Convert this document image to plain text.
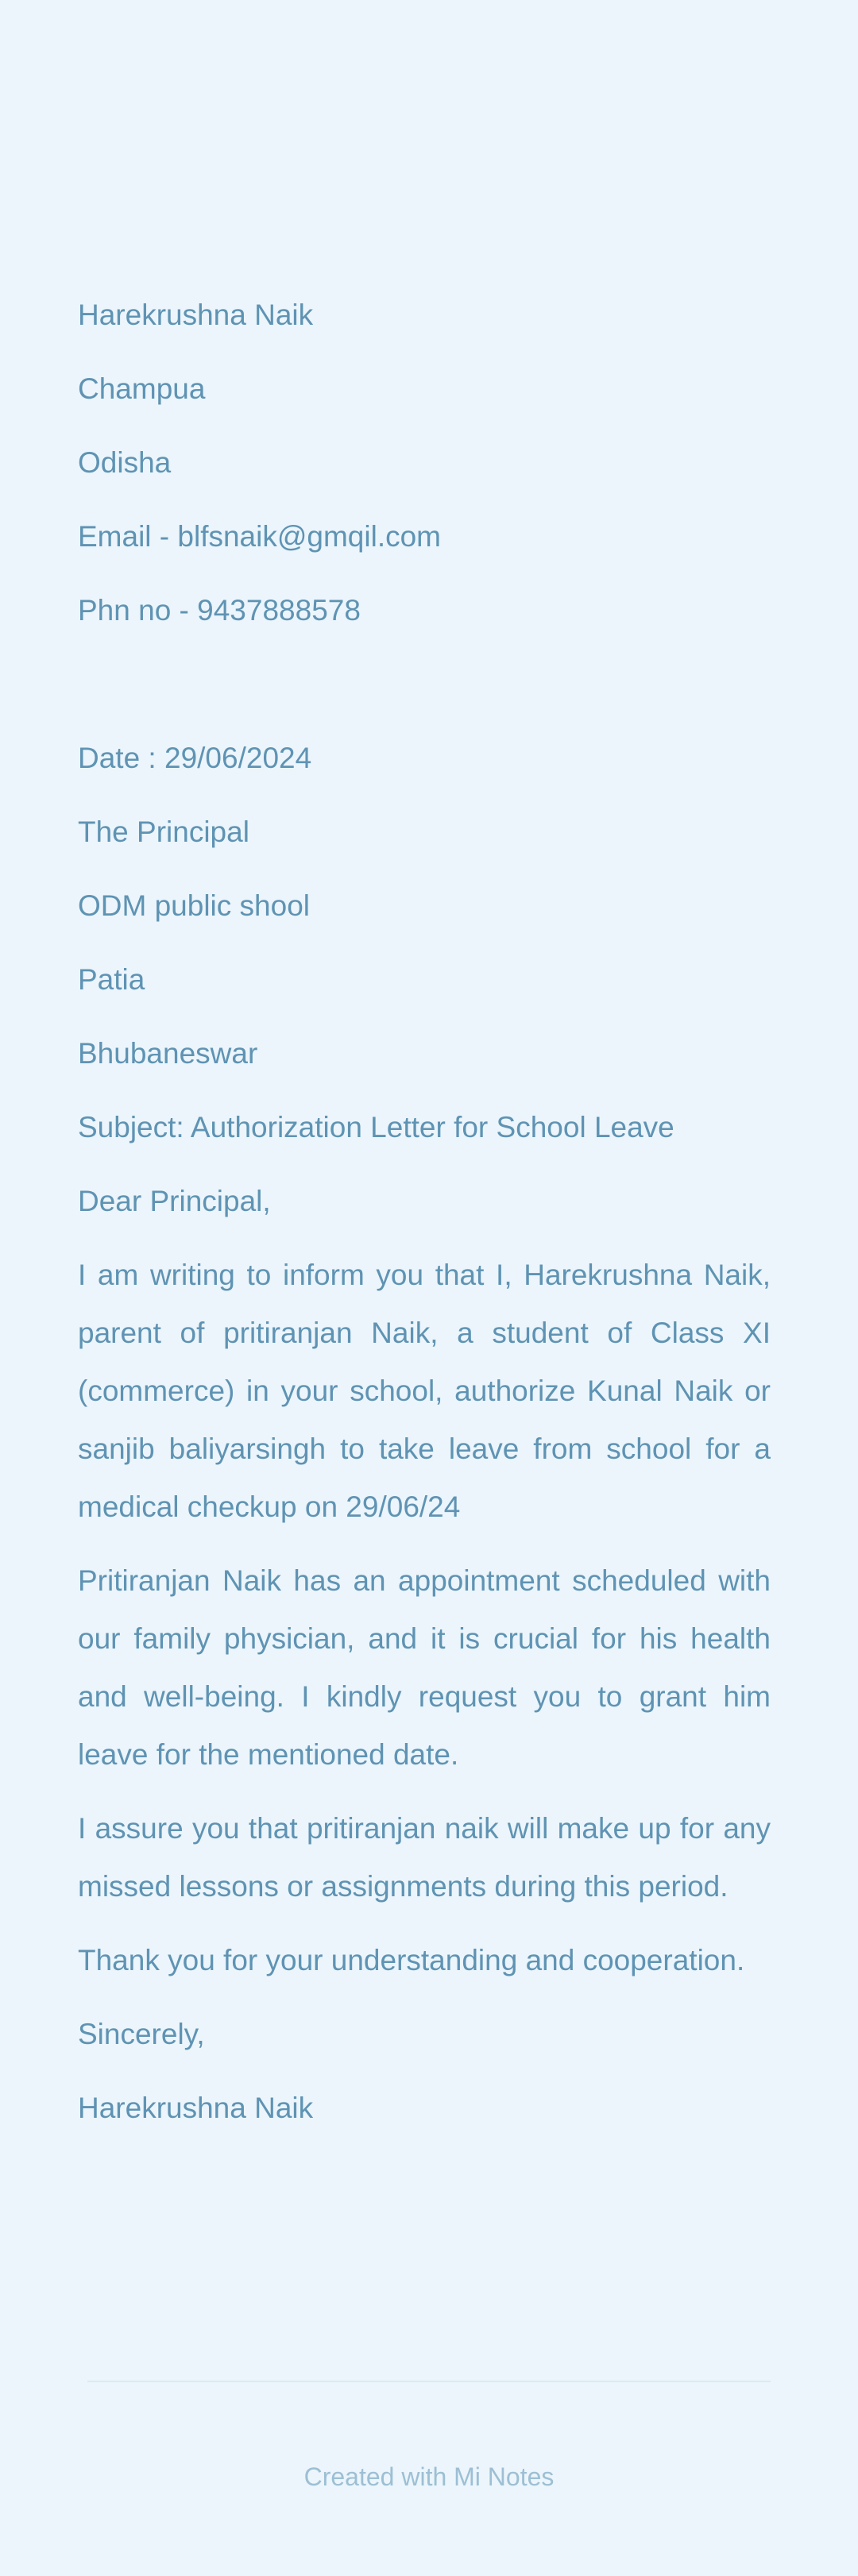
Harekrushna Naik
Champua
Odisha
Email - blfsnaik@gmqil.com
Phn no - 9437888578
Date : 29/06/2024
The Principal
ODM public shool
Patia
Bhubaneswar
Subject: Authorization Letter for School Leave
Dear Principal,
I am writing to inform you that I, Harekrushna Naik, parent of pritiranjan Naik, a student of Class XI (commerce) in your school, authorize Kunal Naik or sanjib baliyarsingh to take leave from school for a medical checkup on 29/06/24
Pritiranjan Naik has an appointment scheduled with our family physician, and it is crucial for his health and well-being. I kindly request you to grant him leave for the mentioned date.
I assure you that pritiranjan naik will make up for any missed lessons or assignments during this period.
Thank you for your understanding and cooperation.
Sincerely,
Harekrushna Naik
Created with Mi Notes
